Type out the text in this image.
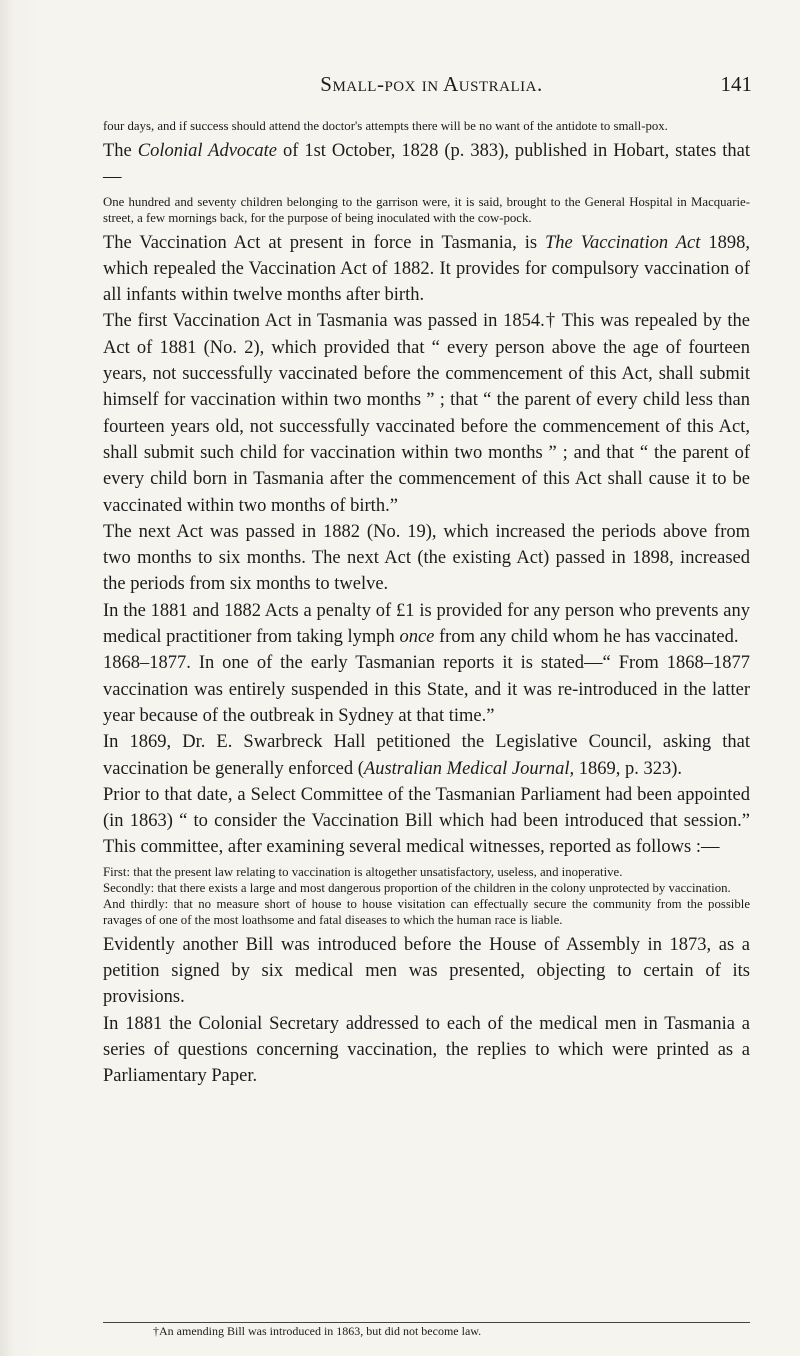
Small-pox in Australia.	141

four days, and if success should attend the doctor's attempts there will be no want of the antidote to small-pox.

The Colonial Advocate of 1st October, 1828 (p. 383), published in Hobart, states that—

One hundred and seventy children belonging to the garrison were, it is said, brought to the General Hospital in Macquarie-street, a few mornings back, for the purpose of being inoculated with the cow-pock.

The Vaccination Act at present in force in Tasmania, is The Vaccination Act 1898, which repealed the Vaccination Act of 1882. It provides for compulsory vaccination of all infants within twelve months after birth.

The first Vaccination Act in Tasmania was passed in 1854.† This was repealed by the Act of 1881 (No. 2), which provided that “ every person above the age of fourteen years, not successfully vaccinated before the commencement of this Act, shall submit himself for vaccination within two months ” ; that “ the parent of every child less than fourteen years old, not successfully vaccinated before the commencement of this Act, shall submit such child for vaccination within two months ” ; and that “ the parent of every child born in Tasmania after the commencement of this Act shall cause it to be vaccinated within two months of birth.”

The next Act was passed in 1882 (No. 19), which increased the periods above from two months to six months. The next Act (the existing Act) passed in 1898, increased the periods from six months to twelve.

In the 1881 and 1882 Acts a penalty of £1 is provided for any person who prevents any medical practitioner from taking lymph once from any child whom he has vaccinated.

1868–1877. In one of the early Tasmanian reports it is stated—“ From 1868–1877 vaccination was entirely suspended in this State, and it was re-introduced in the latter year because of the outbreak in Sydney at that time.”

In 1869, Dr. E. Swarbreck Hall petitioned the Legislative Council, asking that vaccination be generally enforced (Australian Medical Journal, 1869, p. 323).

Prior to that date, a Select Committee of the Tasmanian Parliament had been appointed (in 1863) “ to consider the Vaccination Bill which had been introduced that session.” This committee, after examining several medical witnesses, reported as follows :—

First: that the present law relating to vaccination is altogether unsatisfactory, useless, and inoperative.

Secondly: that there exists a large and most dangerous proportion of the children in the colony unprotected by vaccination.

And thirdly: that no measure short of house to house visitation can effectually secure the community from the possible ravages of one of the most loathsome and fatal diseases to which the human race is liable.

Evidently another Bill was introduced before the House of Assembly in 1873, as a petition signed by six medical men was presented, objecting to certain of its provisions.

In 1881 the Colonial Secretary addressed to each of the medical men in Tasmania a series of questions concerning vaccination, the replies to which were printed as a Parliamentary Paper.

†An amending Bill was introduced in 1863, but did not become law.
